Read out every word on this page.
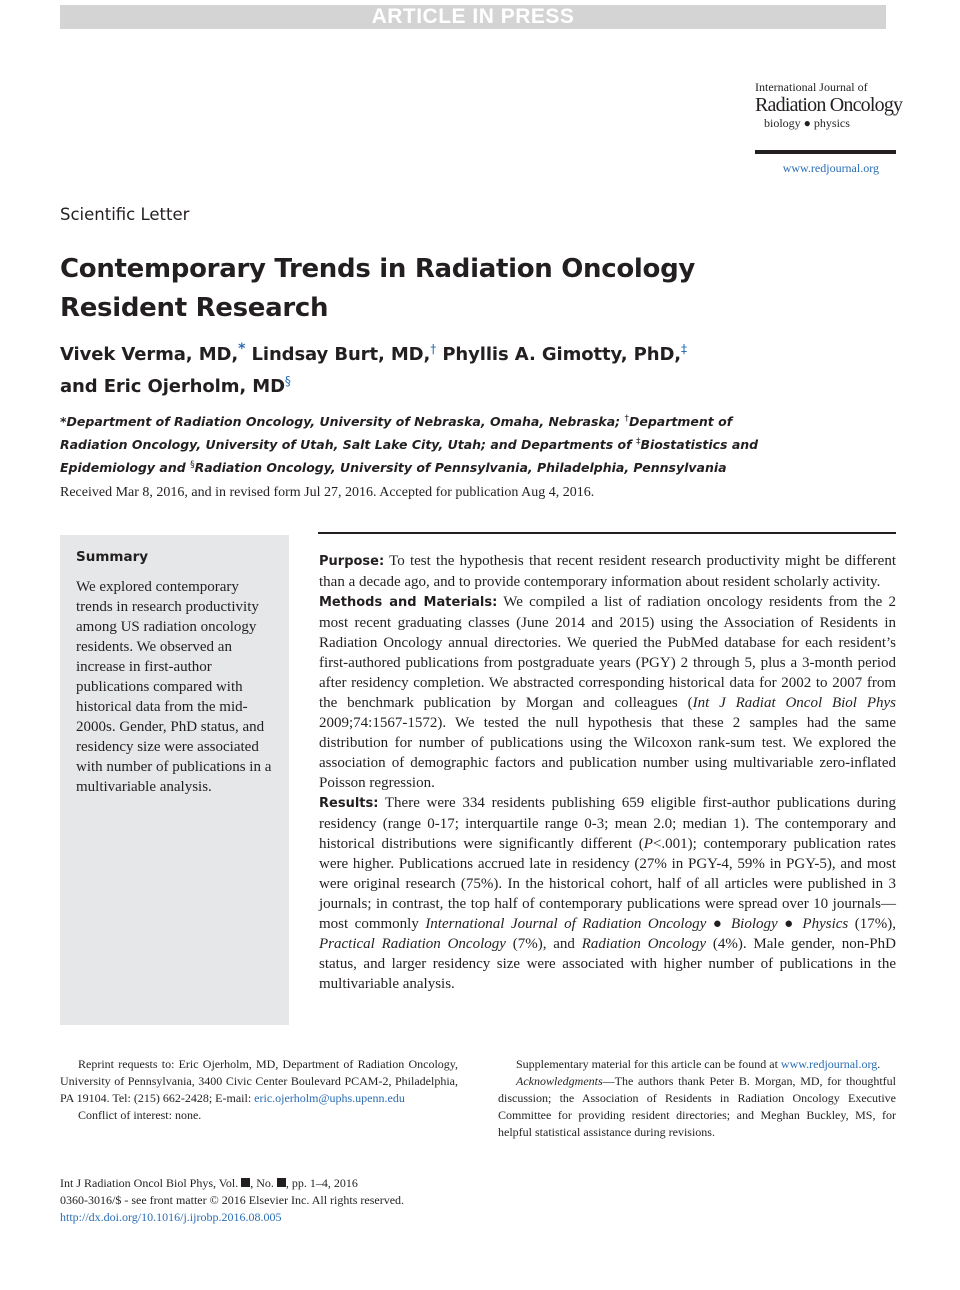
ARTICLE IN PRESS
International Journal of
Radiation Oncology
biology ● physics
www.redjournal.org
Scientific Letter
Contemporary Trends in Radiation Oncology Resident Research
Vivek Verma, MD,* Lindsay Burt, MD,† Phyllis A. Gimotty, PhD,‡
and Eric Ojerholm, MD§
*Department of Radiation Oncology, University of Nebraska, Omaha, Nebraska; †Department of Radiation Oncology, University of Utah, Salt Lake City, Utah; and Departments of ‡Biostatistics and Epidemiology and §Radiation Oncology, University of Pennsylvania, Philadelphia, Pennsylvania
Received Mar 8, 2016, and in revised form Jul 27, 2016. Accepted for publication Aug 4, 2016.
Summary
We explored contemporary trends in research productivity among US radiation oncology residents. We observed an increase in first-author publications compared with historical data from the mid-2000s. Gender, PhD status, and residency size were associated with number of publications in a multivariable analysis.

Purpose: To test the hypothesis that recent resident research productivity might be different than a decade ago, and to provide contemporary information about resident scholarly activity.

Methods and Materials: We compiled a list of radiation oncology residents from the 2 most recent graduating classes (June 2014 and 2015) using the Association of Residents in Radiation Oncology annual directories. We queried the PubMed database for each resident’s first-authored publications from postgraduate years (PGY) 2 through 5, plus a 3-month period after residency completion. We abstracted corresponding historical data for 2002 to 2007 from the benchmark publication by Morgan and colleagues (Int J Radiat Oncol Biol Phys 2009;74:1567-1572). We tested the null hypothesis that these 2 samples had the same distribution for number of publications using the Wilcoxon rank-sum test. We explored the association of demographic factors and publication number using multivariable zero-inflated Poisson regression.

Results: There were 334 residents publishing 659 eligible first-author publications during residency (range 0-17; interquartile range 0-3; mean 2.0; median 1). The contemporary and historical distributions were significantly different (P<.001); contemporary publication rates were higher. Publications accrued late in residency (27% in PGY-4, 59% in PGY-5), and most were original research (75%). In the historical cohort, half of all articles were published in 3 journals; in contrast, the top half of contemporary publications were spread over 10 journals—most commonly International Journal of Radiation Oncology ● Biology ● Physics (17%), Practical Radiation Oncology (7%), and Radiation Oncology (4%). Male gender, non-PhD status, and larger residency size were associated with higher number of publications in the multivariable analysis.

Reprint requests to: Eric Ojerholm, MD, Department of Radiation Oncology, University of Pennsylvania, 3400 Civic Center Boulevard PCAM-2, Philadelphia, PA 19104. Tel: (215) 662-2428; E-mail: eric.ojerholm@uphs.upenn.edu

Conflict of interest: none.

Supplementary material for this article can be found at www.redjournal.org.

Acknowledgments—The authors thank Peter B. Morgan, MD, for thoughtful discussion; the Association of Residents in Radiation Oncology Executive Committee for providing resident directories; and Meghan Buckley, MS, for helpful statistical assistance during revisions.

Int J Radiation Oncol Biol Phys, Vol. , No. , pp. 1–4, 2016
0360-3016/$ - see front matter © 2016 Elsevier Inc. All rights reserved.
http://dx.doi.org/10.1016/j.ijrobp.2016.08.005
